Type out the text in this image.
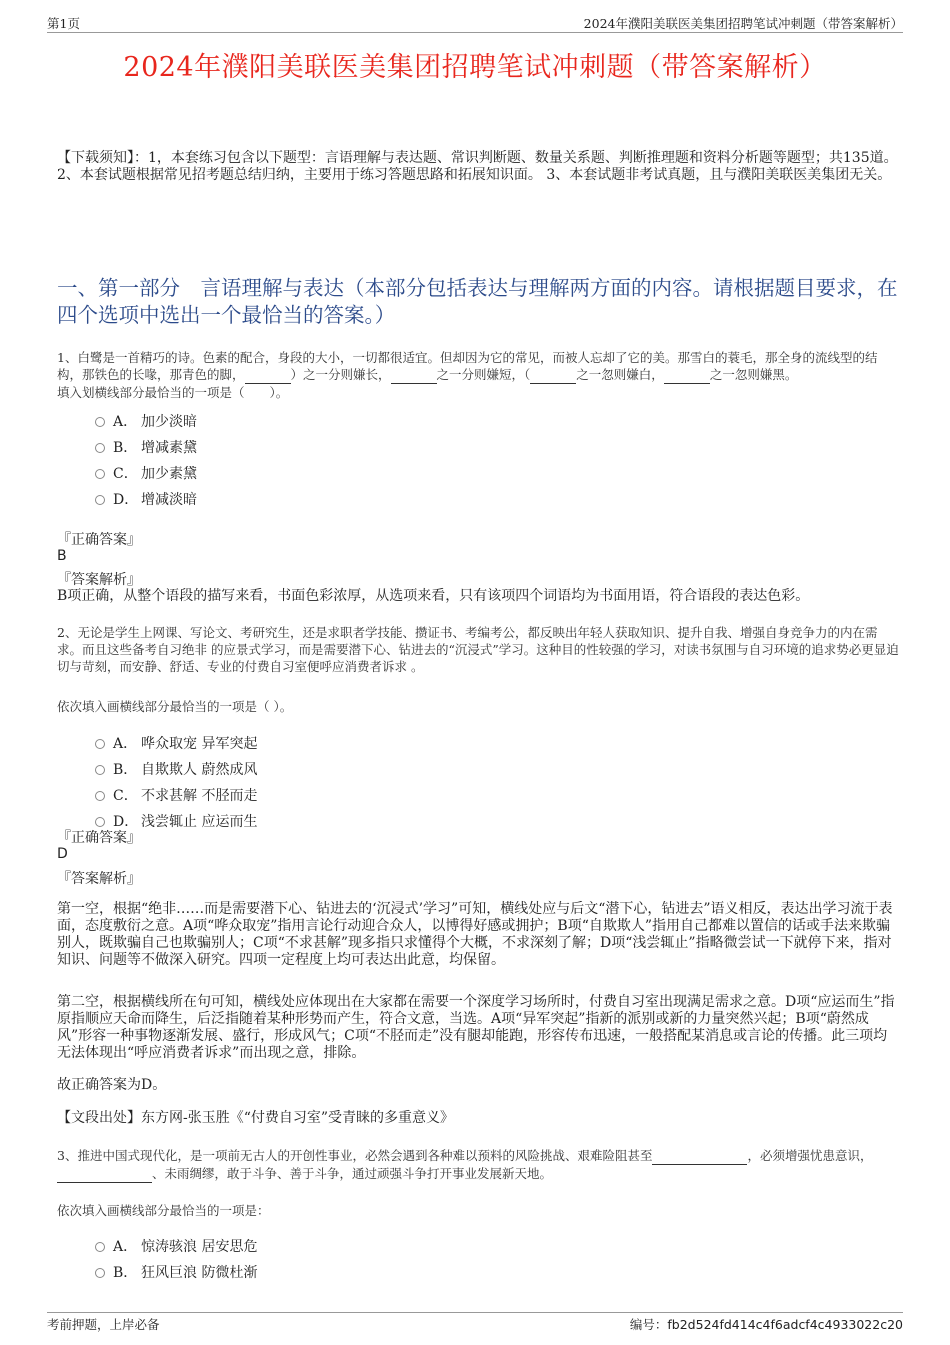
第1页	2024年濮阳美联医美集团招聘笔试冲刺题（带答案解析）
2024年濮阳美联医美集团招聘笔试冲刺题（带答案解析）
【下载须知】：1，本套练习包含以下题型：言语理解与表达题、常识判断题、数量关系题、判断推理题和资料分析题等题型；共135道。 2、本套试题根据常见招考题总结归纳，主要用于练习答题思路和拓展知识面。 3、本套试题非考试真题，且与濮阳美联医美集团无关。
一、第一部分　言语理解与表达（本部分包括表达与理解两方面的内容。请根据题目要求，在四个选项中选出一个最恰当的答案。）
1、白鹭是一首精巧的诗。色素的配合，身段的大小，一切都很适宜。但却因为它的常见，而被人忘却了它的美。那雪白的蓑毛，那全身的流线型的结构，那铁色的长喙，那青色的脚，	）之一分则嫌长，	之一分则嫌短，（	之一忽则嫌白，	之一忽则嫌黑。
填入划横线部分最恰当的一项是（　　）。
A． 加少淡暗
B． 增减素黛
C． 加少素黛
D． 增减淡暗
『正确答案』
B
『答案解析』
B项正确，从整个语段的描写来看，书面色彩浓厚，从选项来看，只有该项四个词语均为书面用语，符合语段的表达色彩。
2、无论是学生上网课、写论文、考研究生，还是求职者学技能、攒证书、考编考公，都反映出年轻人获取知识、提升自我、增强自身竞争力的内在需求。而且这些备考自习绝非 的应景式学习，而是需要潜下心、钻进去的“沉浸式”学习。这种目的性较强的学习，对读书氛围与自习环境的追求势必更显迫切与苛刻，而安静、舒适、专业的付费自习室便呼应消费者诉求 。
依次填入画横线部分最恰当的一项是（ ）。
A． 哗众取宠 异军突起
B． 自欺欺人 蔚然成风
C． 不求甚解 不胫而走
D． 浅尝辄止 应运而生
『正确答案』
D
『答案解析』
第一空，根据“绝非……而是需要潜下心、钻进去的‘沉浸式’学习”可知，横线处应与后文“潜下心，钻进去”语义相反，表达出学习流于表面，态度敷衍之意。A项“哗众取宠”指用言论行动迎合众人，以博得好感或拥护；B项“自欺欺人”指用自己都难以置信的话或手法来欺骗别人，既欺骗自己也欺骗别人；C项“不求甚解”现多指只求懂得个大概，不求深刻了解；D项“浅尝辄止”指略微尝试一下就停下来，指对知识、问题等不做深入研究。四项一定程度上均可表达出此意，均保留。
第二空，根据横线所在句可知，横线处应体现出在大家都在需要一个深度学习场所时，付费自习室出现满足需求之意。D项“应运而生”指原指顺应天命而降生，后泛指随着某种形势而产生，符合文意，当选。A项“异军突起”指新的派别或新的力量突然兴起；B项“蔚然成风”形容一种事物逐渐发展、盛行，形成风气；C项“不胫而走”没有腿却能跑，形容传布迅速，一般搭配某消息或言论的传播。此三项均无法体现出“呼应消费者诉求”而出现之意，排除。
故正确答案为D。
【文段出处】东方网-张玉胜《“付费自习室”受青睐的多重意义》
3、推进中国式现代化，是一项前无古人的开创性事业，必然会遇到各种难以预料的风险挑战、艰难险阻甚至	，必须增强忧患意识， 、未雨绸缪，敢于斗争、善于斗争，通过顽强斗争打开事业发展新天地。
依次填入画横线部分最恰当的一项是：
A． 惊涛骇浪 居安思危
B． 狂风巨浪 防微杜渐
考前押题，上岸必备	编号：fb2d524fd414c4f6adcf4c4933022c20
